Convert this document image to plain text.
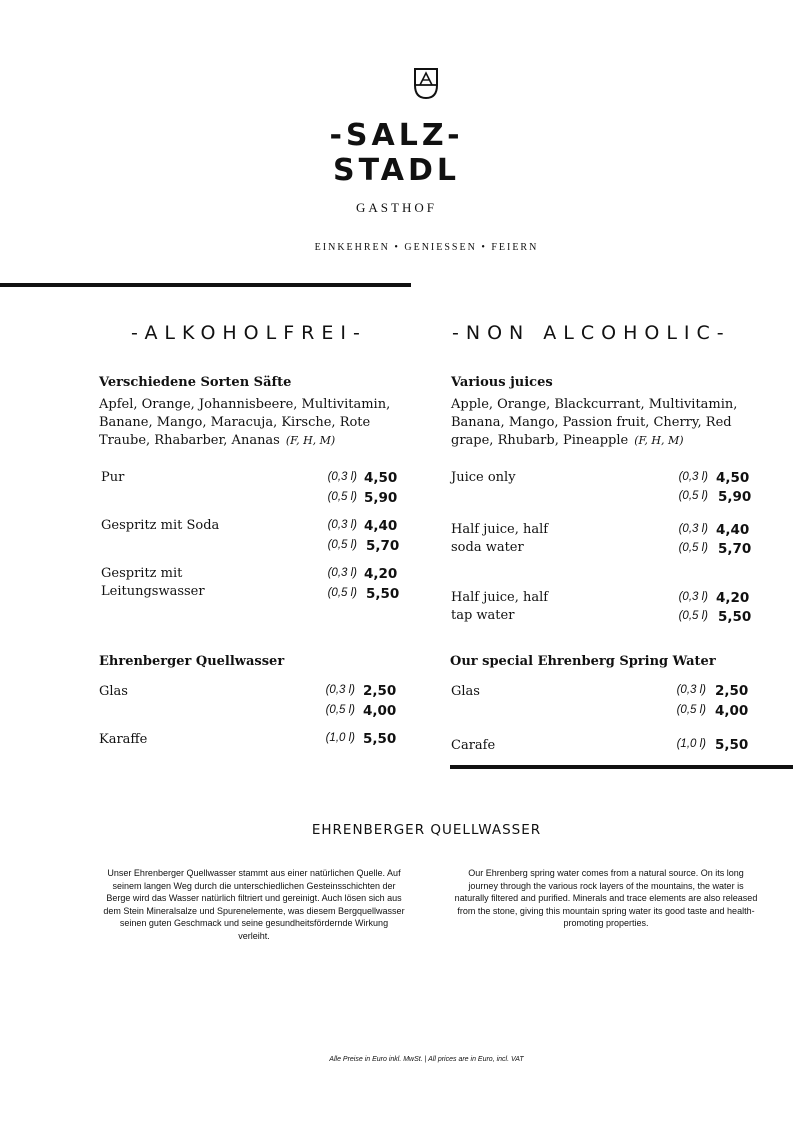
-SALZ-
STADL
GASTHOF
EINKEHREN • GENIESSEN • FEIERN
-ALKOHOLFREI-	-NON ALCOHOLIC-
Verschiedene Sorten Säfte
Apfel, Orange, Johannisbeere, Multivitamin,
Banane, Mango, Maracuja, Kirsche, Rote
Traube, Rhabarber, Ananas (F, H, M)
Pur	(0,3 l) 4,50
(0,5 l) 5,90
Gespritz mit Soda	(0,3 l) 4,40
(0,5 l) 5,70
Gespritz mit
Leitungswasser
(0,3 l) 4,20
(0,5 l) 5,50
Ehrenberger Quellwasser
Glas	(0,3 l) 2,50
(0,5 l) 4,00
Karaffe	(1,0 l) 5,50
Various juices
Apple, Orange, Blackcurrant, Multivitamin,
Banana, Mango, Passion fruit, Cherry, Red
grape, Rhubarb, Pineapple (F, H, M)
Juice only	(0,3 l) 4,50
(0,5 l) 5,90
Half juice, half
soda water
(0,3 l) 4,40
(0,5 l) 5,70
Half juice, half
tap water
(0,3 l) 4,20
(0,5 l) 5,50
Our special Ehrenberg Spring Water
Glas	(0,3 l) 2,50
(0,5 l) 4,00
Carafe	(1,0 l) 5,50
EHRENBERGER QUELLWASSER
Unser Ehrenberger Quellwasser stammt aus einer natürlichen Quelle. Auf
seinem langen Weg durch die unterschiedlichen Gesteinsschichten der
Berge wird das Wasser natürlich filtriert und gereinigt. Auch lösen sich aus
dem Stein Mineralsalze und Spurenelemente, was diesem Bergquellwasser
seinen guten Geschmack und seine gesundheitsfördernde Wirkung
verleiht.
Our Ehrenberg spring water comes from a natural source. On its long
journey through the various rock layers of the mountains, the water is
naturally filtered and purified. Minerals and trace elements are also released
from the stone, giving this mountain spring water its good taste and health-
promoting properties.
Alle Preise in Euro inkl. MwSt. | All prices are in Euro, incl. VAT
